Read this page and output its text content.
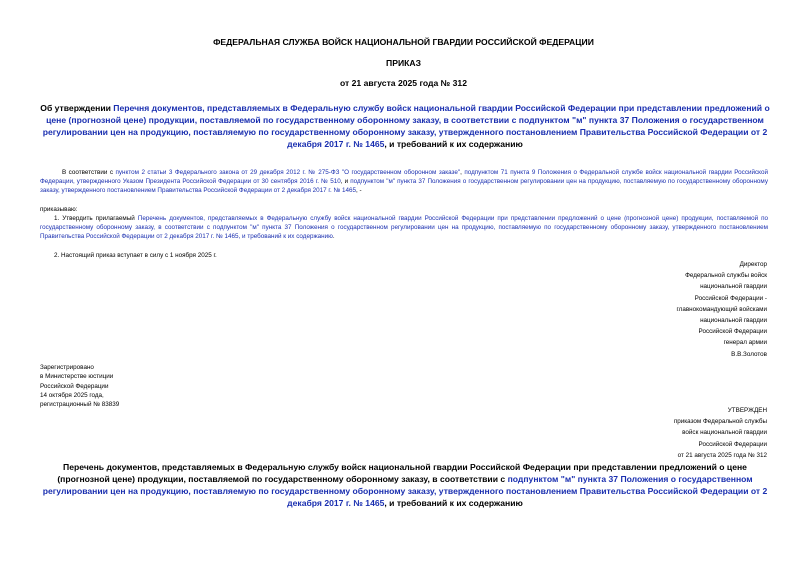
ФЕДЕРАЛЬНАЯ СЛУЖБА ВОЙСК НАЦИОНАЛЬНОЙ ГВАРДИИ РОССИЙСКОЙ ФЕДЕРАЦИИ
ПРИКАЗ
от 21 августа 2025 года № 312
Об утверждении Перечня документов, представляемых в Федеральную службу войск национальной гвардии Российской Федерации при представлении предложений о цене (прогнозной цене) продукции, поставляемой по государственному оборонному заказу, в соответствии с подпунктом "м" пункта 37 Положения о государственном регулировании цен на продукцию, поставляемую по государственному оборонному заказу, утвержденного постановлением Правительства Российской Федерации от 2 декабря 2017 г. № 1465, и требований к их содержанию
В соответствии с пунктом 2 статьи 3 Федерального закона от 29 декабря 2012 г. № 275-ФЗ "О государственном оборонном заказе", подпунктом 71 пункта 9 Положения о Федеральной службе войск национальной гвардии Российской Федерации, утвержденного Указом Президента Российской Федерации от 30 сентября 2016 г. № 510, и подпунктом "м" пункта 37 Положения о государственном регулировании цен на продукцию, поставляемую по государственному оборонному заказу, утвержденного постановлением Правительства Российской Федерации от 2 декабря 2017 г. № 1465, -
приказываю:
1. Утвердить прилагаемый Перечень документов, представляемых в Федеральную службу войск национальной гвардии Российской Федерации при представлении предложений о цене (прогнозной цене) продукции, поставляемой по государственному оборонному заказу, в соответствии с подпунктом "м" пункта 37 Положения о государственном регулировании цен на продукцию, поставляемую по государственному оборонному заказу, утвержденного постановлением Правительства Российской Федерации от 2 декабря 2017 г. № 1465, и требований к их содержанию.
2. Настоящий приказ вступает в силу с 1 ноября 2025 г.
Директор
Федеральной службы войск
национальной гвардии
Российской Федерации -
главнокомандующий войсками
национальной гвардии
Российской Федерации
генерал армии
В.В.Золотов
Зарегистрировано
в Министерстве юстиции
Российской Федерации
14 октября 2025 года,
регистрационный № 83839
УТВЕРЖДЕН
приказом Федеральной службы
войск национальной гвардии
Российской Федерации
от 21 августа 2025 года № 312
Перечень документов, представляемых в Федеральную службу войск национальной гвардии Российской Федерации при представлении предложений о цене (прогнозной цене) продукции, поставляемой по государственному оборонному заказу, в соответствии с подпунктом "м" пункта 37 Положения о государственном регулировании цен на продукцию, поставляемую по государственному оборонному заказу, утвержденного постановлением Правительства Российской Федерации от 2 декабря 2017 г. № 1465, и требований к их содержанию
